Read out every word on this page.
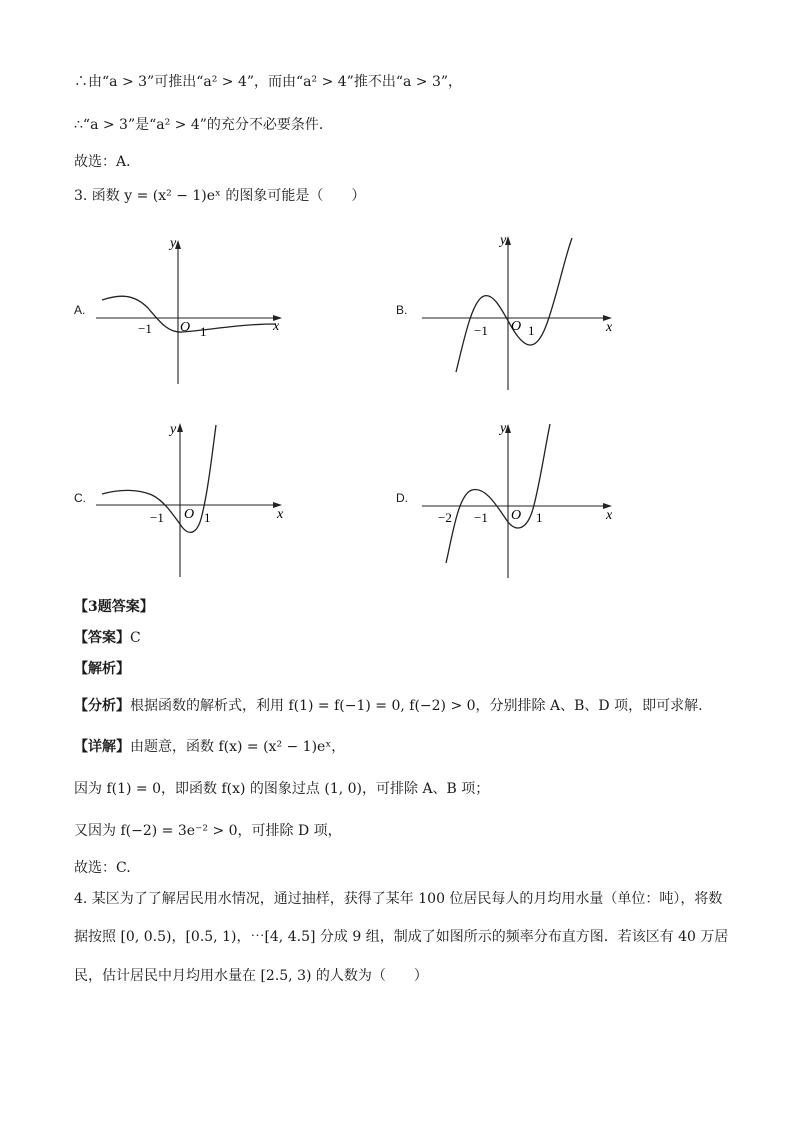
∴由“a > 3”可推出“a² > 4”，而由“a² > 4”推不出“a > 3”，
∴“a > 3”是“a² > 4”的充分不必要条件．
故选：A．
3. 函数 y = (x² − 1)eˣ 的图象可能是（　　）
A.
y
x
O
−1	1
B.
y
x
O
−1	1
C.
y
x
O
−1	1
D.
y
x
O
−2 −1	1
【3题答案】
【答案】C
【解析】
【分析】根据函数的解析式，利用 f(1) = f(−1) = 0, f(−2) > 0，分别排除 A、B、D 项，即可求解.
【详解】由题意，函数 f(x) = (x² − 1)eˣ，
因为 f(1) = 0，即函数 f(x) 的图象过点 (1, 0)，可排除 A、B 项；
又因为 f(−2) = 3e⁻² > 0，可排除 D 项，
故选：C.
4. 某区为了了解居民用水情况，通过抽样，获得了某年 100 位居民每人的月均用水量（单位：吨），将数
据按照 [0, 0.5)，[0.5, 1)，⋯[4, 4.5] 分成 9 组，制成了如图所示的频率分布直方图．若该区有 40 万居
民，估计居民中月均用水量在 [2.5, 3) 的人数为（　　）
